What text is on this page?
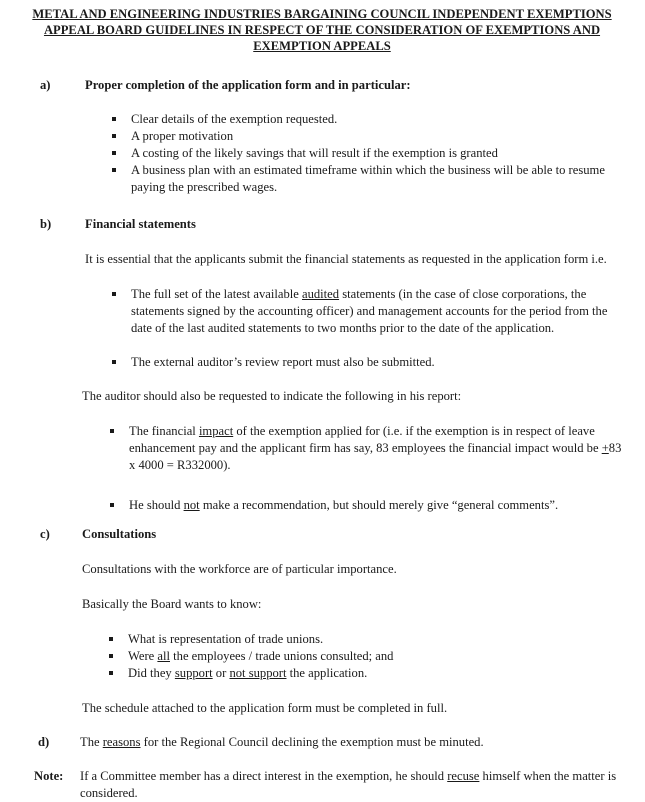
METAL AND ENGINEERING INDUSTRIES BARGAINING COUNCIL INDEPENDENT EXEMPTIONS
APPEAL BOARD GUIDELINES IN RESPECT OF THE CONSIDERATION OF EXEMPTIONS AND
EXEMPTION APPEALS
a)	Proper completion of the application form and in particular:
Clear details of the exemption requested.
A proper motivation
A costing of the likely savings that will result if the exemption is granted
A business plan with an estimated timeframe within which the business will be able to resume paying the prescribed wages.
b)	Financial statements
It is essential that the applicants submit the financial statements as requested in the application form i.e.
The full set of the latest available audited statements (in the case of close corporations, the statements signed by the accounting officer) and management accounts for the period from the date of the last audited statements to two months prior to the date of the application.
The external auditor’s review report must also be submitted.
The auditor should also be requested to indicate the following in his report:
The financial impact of the exemption applied for (i.e. if the exemption is in respect of leave enhancement pay and the applicant firm has say, 83 employees the financial impact would be +83 x 4000 = R332000).
He should not make a recommendation, but should merely give “general comments”.
c)	Consultations
Consultations with the workforce are of particular importance.
Basically the Board wants to know:
What is representation of trade unions.
Were all the employees / trade unions consulted; and
Did they support or not support the application.
The schedule attached to the application form must be completed in full.
d) The reasons for the Regional Council declining the exemption must be minuted.
Note: If a Committee member has a direct interest in the exemption, he should recuse himself when the matter is considered.
